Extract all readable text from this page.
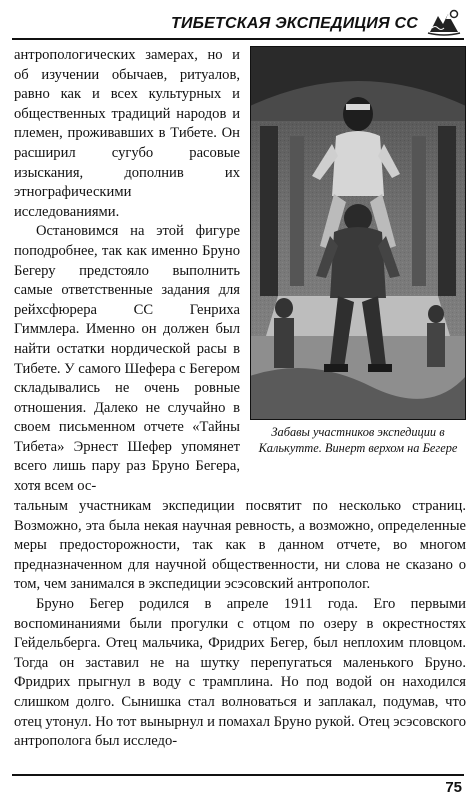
ТИБЕТСКАЯ ЭКСПЕДИЦИЯ СС

антропологических замерах, но и об изучении обычаев, ритуалов, равно как и всех культурных и общественных традиций народов и племен, проживавших в Тибете. Он расширил сугубо расовые изыскания, дополнив их этнографическими исследованиями.

Остановимся на этой фигуре поподробнее, так как именно Бруно Бегеру предстояло выполнить самые ответственные задания для рейхсфюрера СС Генриха Гиммлера. Именно он должен был найти остатки нордической расы в Тибете. У самого Шефера с Бегером складывались не очень ровные отношения. Далеко не случайно в своем письменном отчете «Тайны Тибета» Эрнест Шефер упомянет всего лишь пару раз Бруно Бегера, хотя всем ос-

Забавы участников экспедиции в Калькутте. Винерт верхом на Бегере

тальным участникам экспедиции посвятит по несколько страниц. Возможно, эта была некая научная ревность, а возможно, определенные меры предосторожности, так как в данном отчете, во многом предназначенном для научной общественности, ни слова не сказано о том, чем занимался в экспедиции эсэсовский антрополог.

Бруно Бегер родился в апреле 1911 года. Его первыми воспоминаниями были прогулки с отцом по озеру в окрестностях Гейдельберга. Отец мальчика, Фридрих Бегер, был неплохим пловцом. Тогда он заставил не на шутку перепугаться маленького Бруно. Фридрих прыгнул в воду с трамплина. Но под водой он находился слишком долго. Сынишка стал волноваться и заплакал, подумав, что отец утонул. Но тот вынырнул и помахал Бруно рукой. Отец эсэсовского антрополога был исследо-

75
